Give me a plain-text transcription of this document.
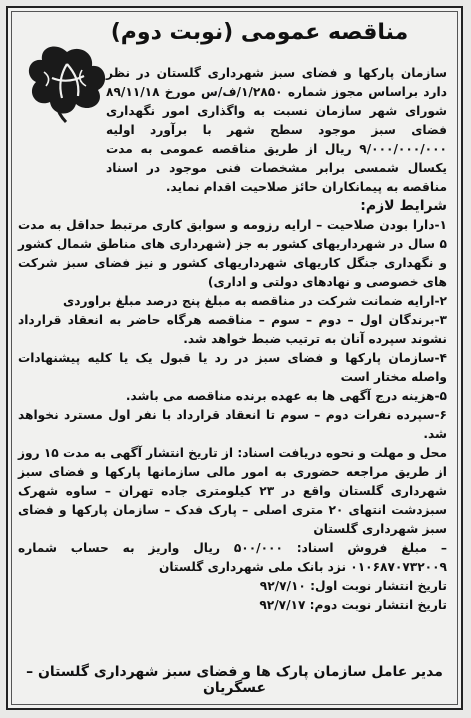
مناقصه عمومی (نوبت دوم)

سازمان پارکها و فضای سبز شهرداری گلستان در نظر دارد براساس مجوز شماره ۱/۲۸۵۰/ف/س مورخ ۸۹/۱۱/۱۸ شورای شهر سازمان نسبت به واگذاری امور نگهداری فضای سبز موجود سطح شهر با برآورد اولیه ۹/۰۰۰/۰۰۰/۰۰۰ ریال از طریق مناقصه عمومی به مدت یکسال شمسی برابر مشخصات فنی موجود در اسناد مناقصه به پیمانکاران حائز صلاحیت اقدام نماید.

شرایط لازم:

۱-دارا بودن صلاحیت – ارایه رزومه و سوابق کاری مرتبط حداقل به مدت ۵ سال در شهرداریهای کشور به جز (شهرداری های مناطق شمال کشور و نگهداری جنگل کاریهای شهرداریهای کشور و نیز فضای سبز شرکت های خصوصی و نهادهای دولتی و اداری)

۲-ارایه ضمانت شرکت در مناقصه به مبلغ پنج درصد مبلغ براوردی

۳-برندگان اول – دوم – سوم – مناقصه هرگاه حاضر به انعقاد قرارداد نشوند سپرده آنان به ترتیب ضبط خواهد شد.

۴-سازمان پارکها و فضای سبز در رد یا قبول یک یا کلیه پیشنهادات واصله مختار است

۵-هزینه درج آگهی ها به عهده برنده مناقصه می باشد.

۶-سپرده نفرات دوم – سوم تا انعقاد قرارداد با نفر اول مسترد نخواهد شد.

محل و مهلت و نحوه دریافت اسناد: از تاریخ انتشار آگهی به مدت ۱۵ روز از طریق مراجعه حضوری به امور مالی سازمانها پارکها و فضای سبز شهرداری گلستان واقع در ۲۳ کیلومتری جاده تهران – ساوه شهرک سبزدشت انتهای ۲۰ متری اصلی – پارک فدک – سازمان پارکها و فضای سبز شهرداری گلستان

– مبلغ فروش اسناد: ۵۰۰/۰۰۰ ریال واریز به حساب شماره ۰۱۰۶۸۷۰۷۳۲۰۰۹ نزد بانک ملی شهرداری گلستان

تاریخ انتشار نوبت اول: ۹۲/۷/۱۰

تاریخ انتشار نوبت دوم: ۹۲/۷/۱۷

مدیر عامل سازمان پارک ها و فضای سبز شهرداری گلستان – عسگریان
